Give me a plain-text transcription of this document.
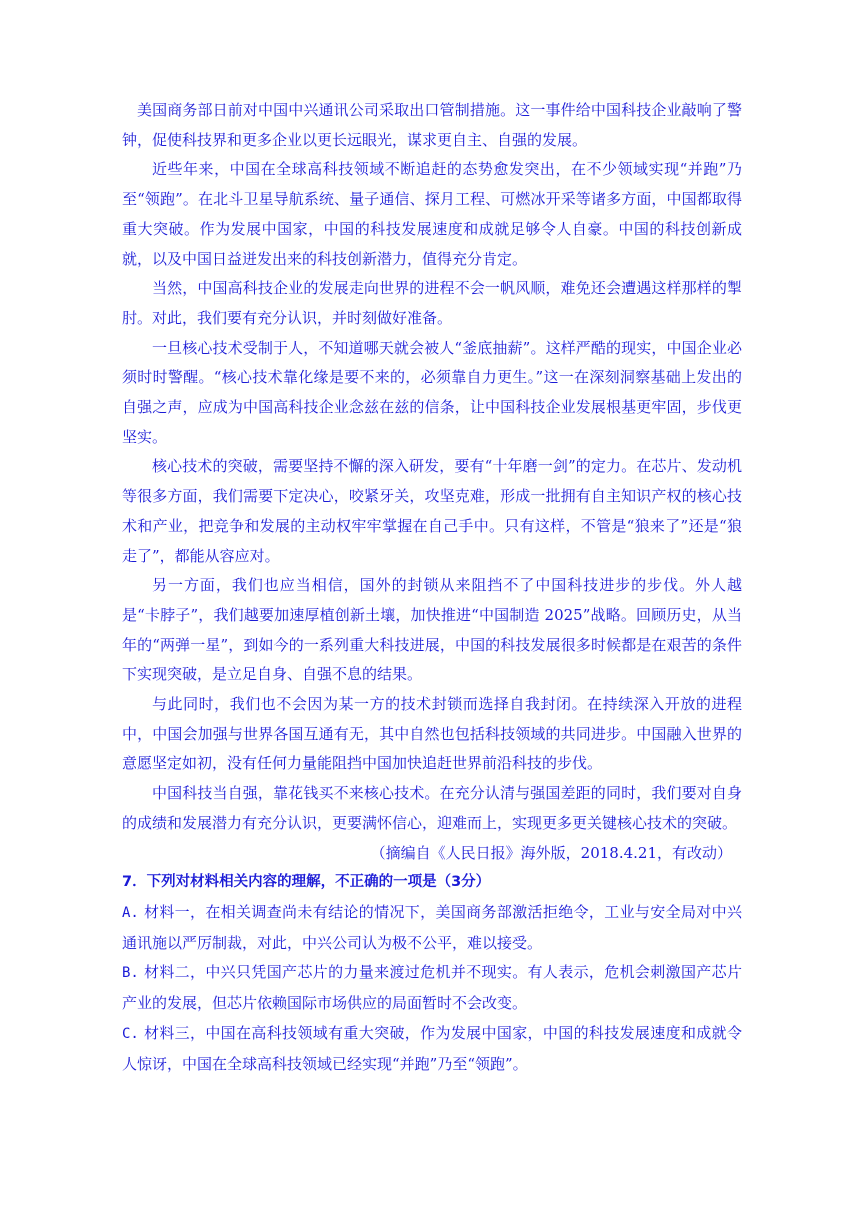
美国商务部日前对中国中兴通讯公司采取出口管制措施。这一事件给中国科技企业敲响了警钟，促使科技界和更多企业以更长远眼光，谋求更自主、自强的发展。

近些年来，中国在全球高科技领域不断追赶的态势愈发突出，在不少领域实现“并跑”乃至“领跑”。在北斗卫星导航系统、量子通信、探月工程、可燃冰开采等诸多方面，中国都取得重大突破。作为发展中国家，中国的科技发展速度和成就足够令人自豪。中国的科技创新成就，以及中国日益迸发出来的科技创新潜力，值得充分肯定。

当然，中国高科技企业的发展走向世界的进程不会一帆风顺，难免还会遭遇这样那样的掣肘。对此，我们要有充分认识，并时刻做好准备。

一旦核心技术受制于人，不知道哪天就会被人“釜底抽薪”。这样严酷的现实，中国企业必须时时警醒。“核心技术靠化缘是要不来的，必须靠自力更生。”这一在深刻洞察基础上发出的自强之声，应成为中国高科技企业念兹在兹的信条，让中国科技企业发展根基更牢固，步伐更坚实。

核心技术的突破，需要坚持不懈的深入研发，要有“十年磨一剑”的定力。在芯片、发动机等很多方面，我们需要下定决心，咬紧牙关，攻坚克难，形成一批拥有自主知识产权的核心技术和产业，把竞争和发展的主动权牢牢掌握在自己手中。只有这样，不管是“狼来了”还是“狼走了”，都能从容应对。

另一方面，我们也应当相信，国外的封锁从来阻挡不了中国科技进步的步伐。外人越是“卡脖子”，我们越要加速厚植创新土壤，加快推进“中国制造 2025”战略。回顾历史，从当年的“两弹一星”，到如今的一系列重大科技进展，中国的科技发展很多时候都是在艰苦的条件下实现突破，是立足自身、自强不息的结果。

与此同时，我们也不会因为某一方的技术封锁而选择自我封闭。在持续深入开放的进程中，中国会加强与世界各国互通有无，其中自然也包括科技领域的共同进步。中国融入世界的意愿坚定如初，没有任何力量能阻挡中国加快追赶世界前沿科技的步伐。

中国科技当自强，靠花钱买不来核心技术。在充分认清与强国差距的同时，我们要对自身的成绩和发展潜力有充分认识，更要满怀信心，迎难而上，实现更多更关键核心技术的突破。

（摘编自《人民日报》海外版，2018.4.21，有改动）

7．下列对材料相关内容的理解，不正确的一项是（3分）

A. 材料一，在相关调查尚未有结论的情况下，美国商务部激活拒绝令，工业与安全局对中兴通讯施以严厉制裁，对此，中兴公司认为极不公平，难以接受。

B. 材料二，中兴只凭国产芯片的力量来渡过危机并不现实。有人表示，危机会刺激国产芯片产业的发展，但芯片依赖国际市场供应的局面暂时不会改变。

C. 材料三，中国在高科技领域有重大突破，作为发展中国家，中国的科技发展速度和成就令人惊讶，中国在全球高科技领域已经实现“并跑”乃至“领跑”。
